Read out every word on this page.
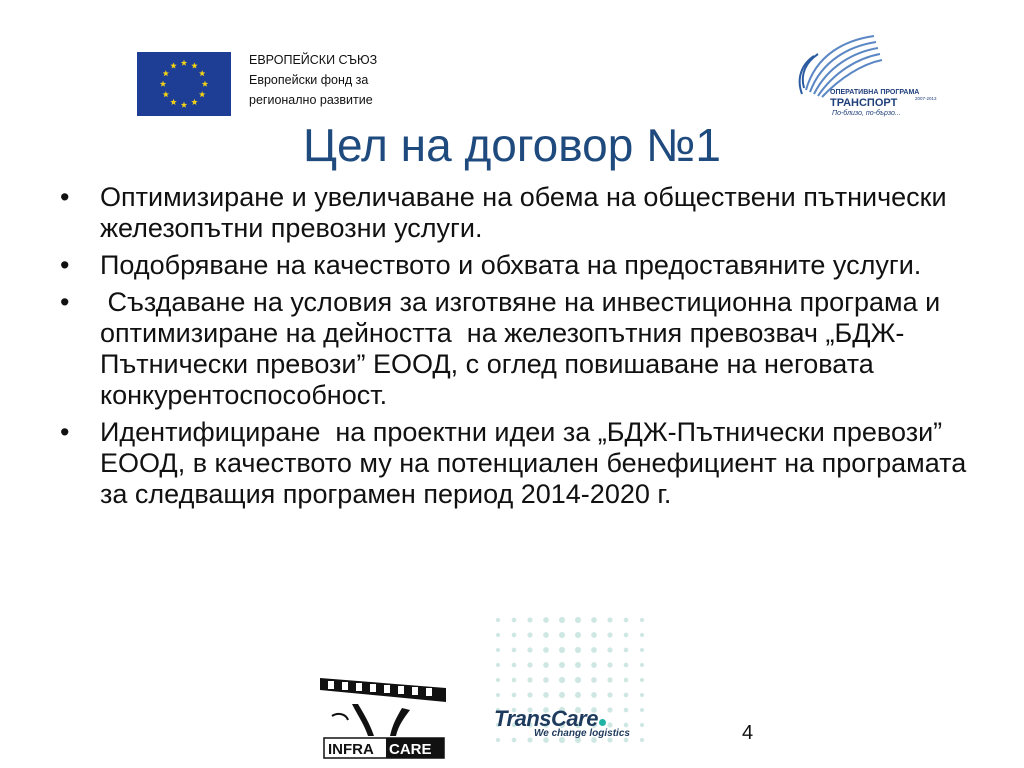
ЕВРОПЕЙСКИ СЪЮЗ
Европейски фонд за
регионално развитие
ОПЕРАТИВНА ПРОГРАМА
ТРАНСПОРТ	2007-2013
По-близо, по-бързо...
Цел на договор №1
• Оптимизиране и увеличаване на обема на обществени пътнически железопътни превозни услуги.
• Подобряване на качеството и обхвата на предоставяните услуги.
• Създаване на условия за изготвяне на инвестиционна програма и оптимизиране на дейността  на железопътния превозвач „БДЖ-Пътнически превози” ЕООД, с оглед повишаване на неговата конкурентоспособност.
• Идентифициране  на проектни идеи за „БДЖ-Пътнически превози” ЕООД, в качеството му на потенциален бенефициент на програмата за следващия програмен период 2014-2020 г.
INFRA CARE
TransCare
We change logistics	4
